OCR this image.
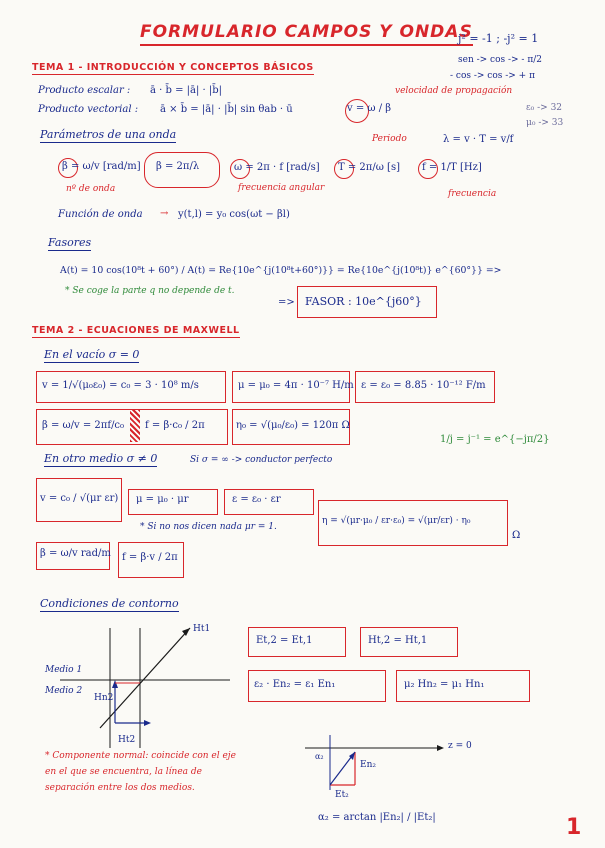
FORMULARIO CAMPOS Y ONDAS
j² = -1 ; -j² = 1
sen -> cos -> - π/2
- cos -> cos -> + π
ε₀ -> 32
μ₀ -> 33
TEMA 1 - INTRODUCCIÓN Y CONCEPTOS BÁSICOS
Producto escalar : ā · b̄ = |ā| · |b̄|
Producto vectorial : ā × b̄ = |ā| · |b̄| sin θab · ū	v = ω / β
velocidad de propagación
Parámetros de una onda	Periodo	λ = v · T = v/f
β = ω/v [rad/m] β = 2π/λ
nº de onda
ω = 2π · f [rad/s]
frecuencia angular
T = 2π/ω [s] f = 1/T [Hz]
frecuencia
Función de onda → y(t,l) = y₀ cos(ωt − βl)
Fasores
A(t) = 10 cos(10⁸t + 60°) / A(t) = Re{10e^{j(10⁸t+60°)}} = Re{10e^{j(10⁸t)} e^{60°}} =>
* Se coge la parte q no depende de t.
=> FASOR : 10e^{j60°}
TEMA 2 - ECUACIONES DE MAXWELL
En el vacío σ = 0
v = 1/√(μ₀ε₀) = c₀ = 3 · 10⁸ m/s	μ = μ₀ = 4π · 10⁻⁷ H/m ε = ε₀ = 8.85 · 10⁻¹² F/m
β = ω/v = 2πf/c₀ f = β·c₀ / 2π	η₀ = √(μ₀/ε₀) = 120π Ω
1/j = j⁻¹ = e^{−jπ/2}
En otro medio σ ≠ 0	Si σ = ∞ -> conductor perfecto
v = c₀ / √(μr εr) μ = μ₀ · μr	ε = ε₀ · εr
* Si no nos dicen nada μr = 1.
η = √(μr·μ₀ / εr·ε₀) = √(μr/εr) · η₀
Ω
β = ω/v rad/m f = β·v / 2π
Condiciones de contorno
Medio 1
Medio 2
Ht1
Hn2
Ht2
Et,2 = Et,1	Ht,2 = Ht,1
ε₂ · En₂ = ε₁ En₁	μ₂ Hn₂ = μ₁ Hn₁
* Componente normal: coincide con el eje en el que se encuentra, la línea de separación entre los dos medios.
z = 0
α₂
En₂
Et₂
α₂ = arctan |En₂| / |Et₂|	1
